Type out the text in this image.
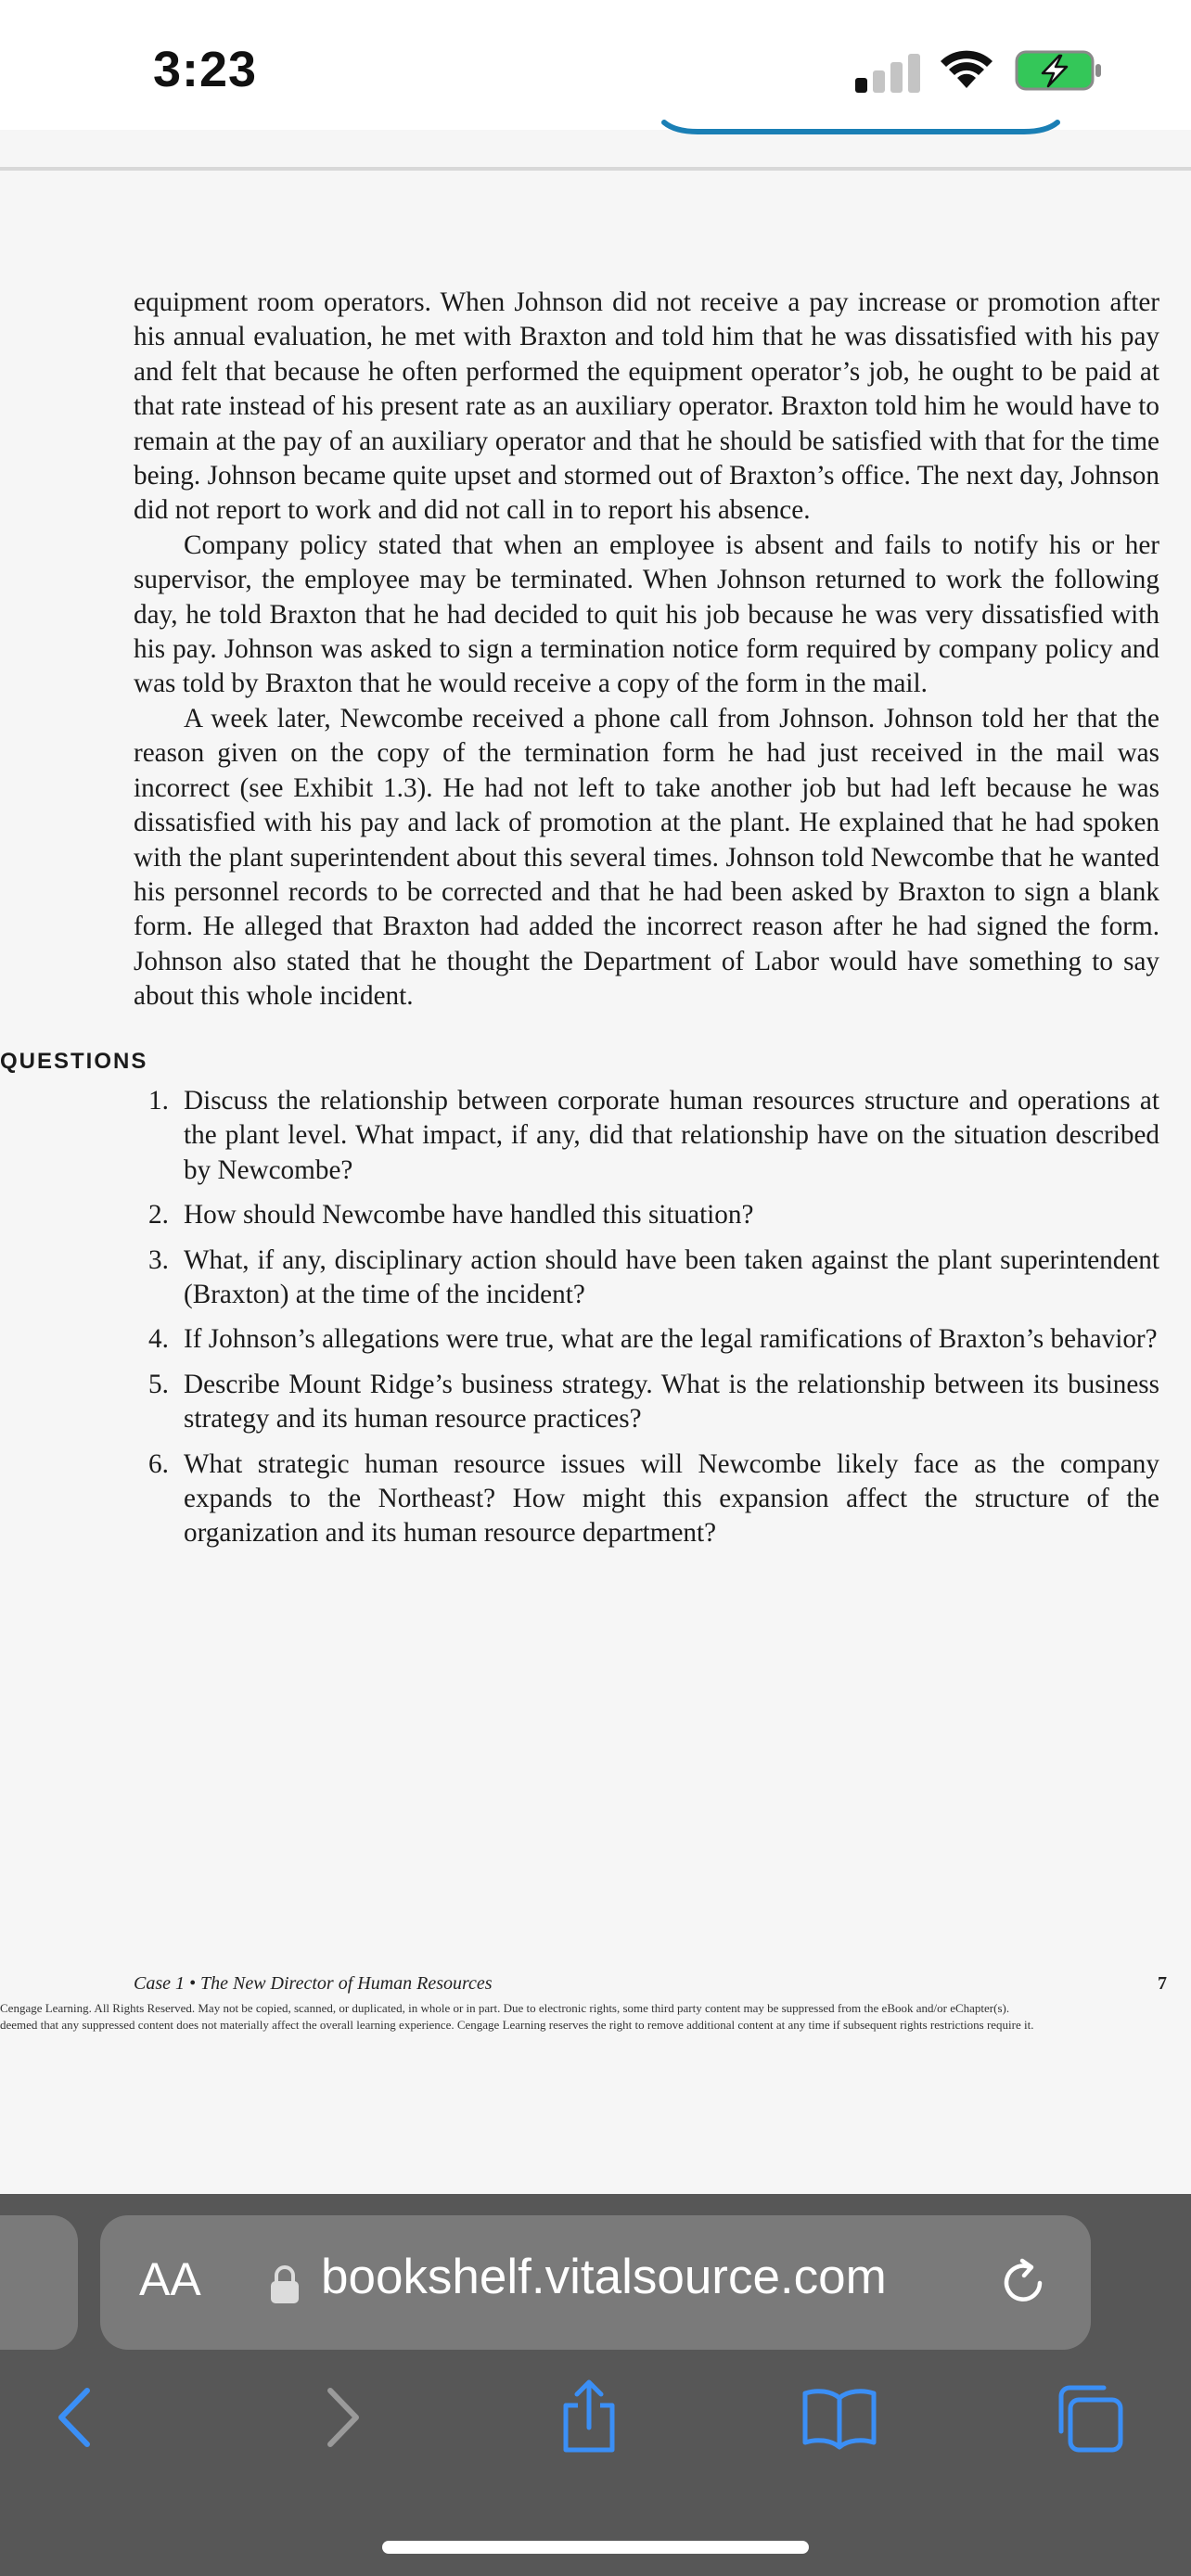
3:23

equipment room operators. When Johnson did not receive a pay increase or promotion after his annual evaluation, he met with Braxton and told him that he was dissatisfied with his pay and felt that because he often performed the equipment operator’s job, he ought to be paid at that rate instead of his present rate as an auxiliary operator. Braxton told him he would have to remain at the pay of an auxiliary operator and that he should be satisfied with that for the time being. Johnson became quite upset and stormed out of Braxton’s office. The next day, Johnson did not report to work and did not call in to report his absence.

Company policy stated that when an employee is absent and fails to notify his or her supervisor, the employee may be terminated. When Johnson returned to work the following day, he told Braxton that he had decided to quit his job because he was very dissatisfied with his pay. Johnson was asked to sign a termination notice form required by company policy and was told by Braxton that he would receive a copy of the form in the mail.

A week later, Newcombe received a phone call from Johnson. Johnson told her that the reason given on the copy of the termination form he had just received in the mail was incorrect (see Exhibit 1.3). He had not left to take another job but had left because he was dissatisfied with his pay and lack of promotion at the plant. He explained that he had spoken with the plant superintendent about this several times. Johnson told Newcombe that he wanted his personnel records to be corrected and that he had been asked by Braxton to sign a blank form. He alleged that Braxton had added the incorrect reason after he had signed the form. Johnson also stated that he thought the Department of Labor would have something to say about this whole incident.

QUESTIONS
1. Discuss the relationship between corporate human resources structure and operations at the plant level. What impact, if any, did that relationship have on the situation described by Newcombe?
2. How should Newcombe have handled this situation?
3. What, if any, disciplinary action should have been taken against the plant superintendent (Braxton) at the time of the incident?
4. If Johnson’s allegations were true, what are the legal ramifications of Braxton’s behavior?
5. Describe Mount Ridge’s business strategy. What is the relationship between its business strategy and its human resource practices?
6. What strategic human resource issues will Newcombe likely face as the company expands to the Northeast? How might this expansion affect the structure of the organization and its human resource department?
Case 1 • The New Director of Human Resources	7
Cengage Learning. All Rights Reserved. May not be copied, scanned, or duplicated, in whole or in part. Due to electronic rights, some third party content may be suppressed from the eBook and/or eChapter(s).
deemed that any suppressed content does not materially affect the overall learning experience. Cengage Learning reserves the right to remove additional content at any time if subsequent rights restrictions require it.
AA bookshelf.vitalsource.com
